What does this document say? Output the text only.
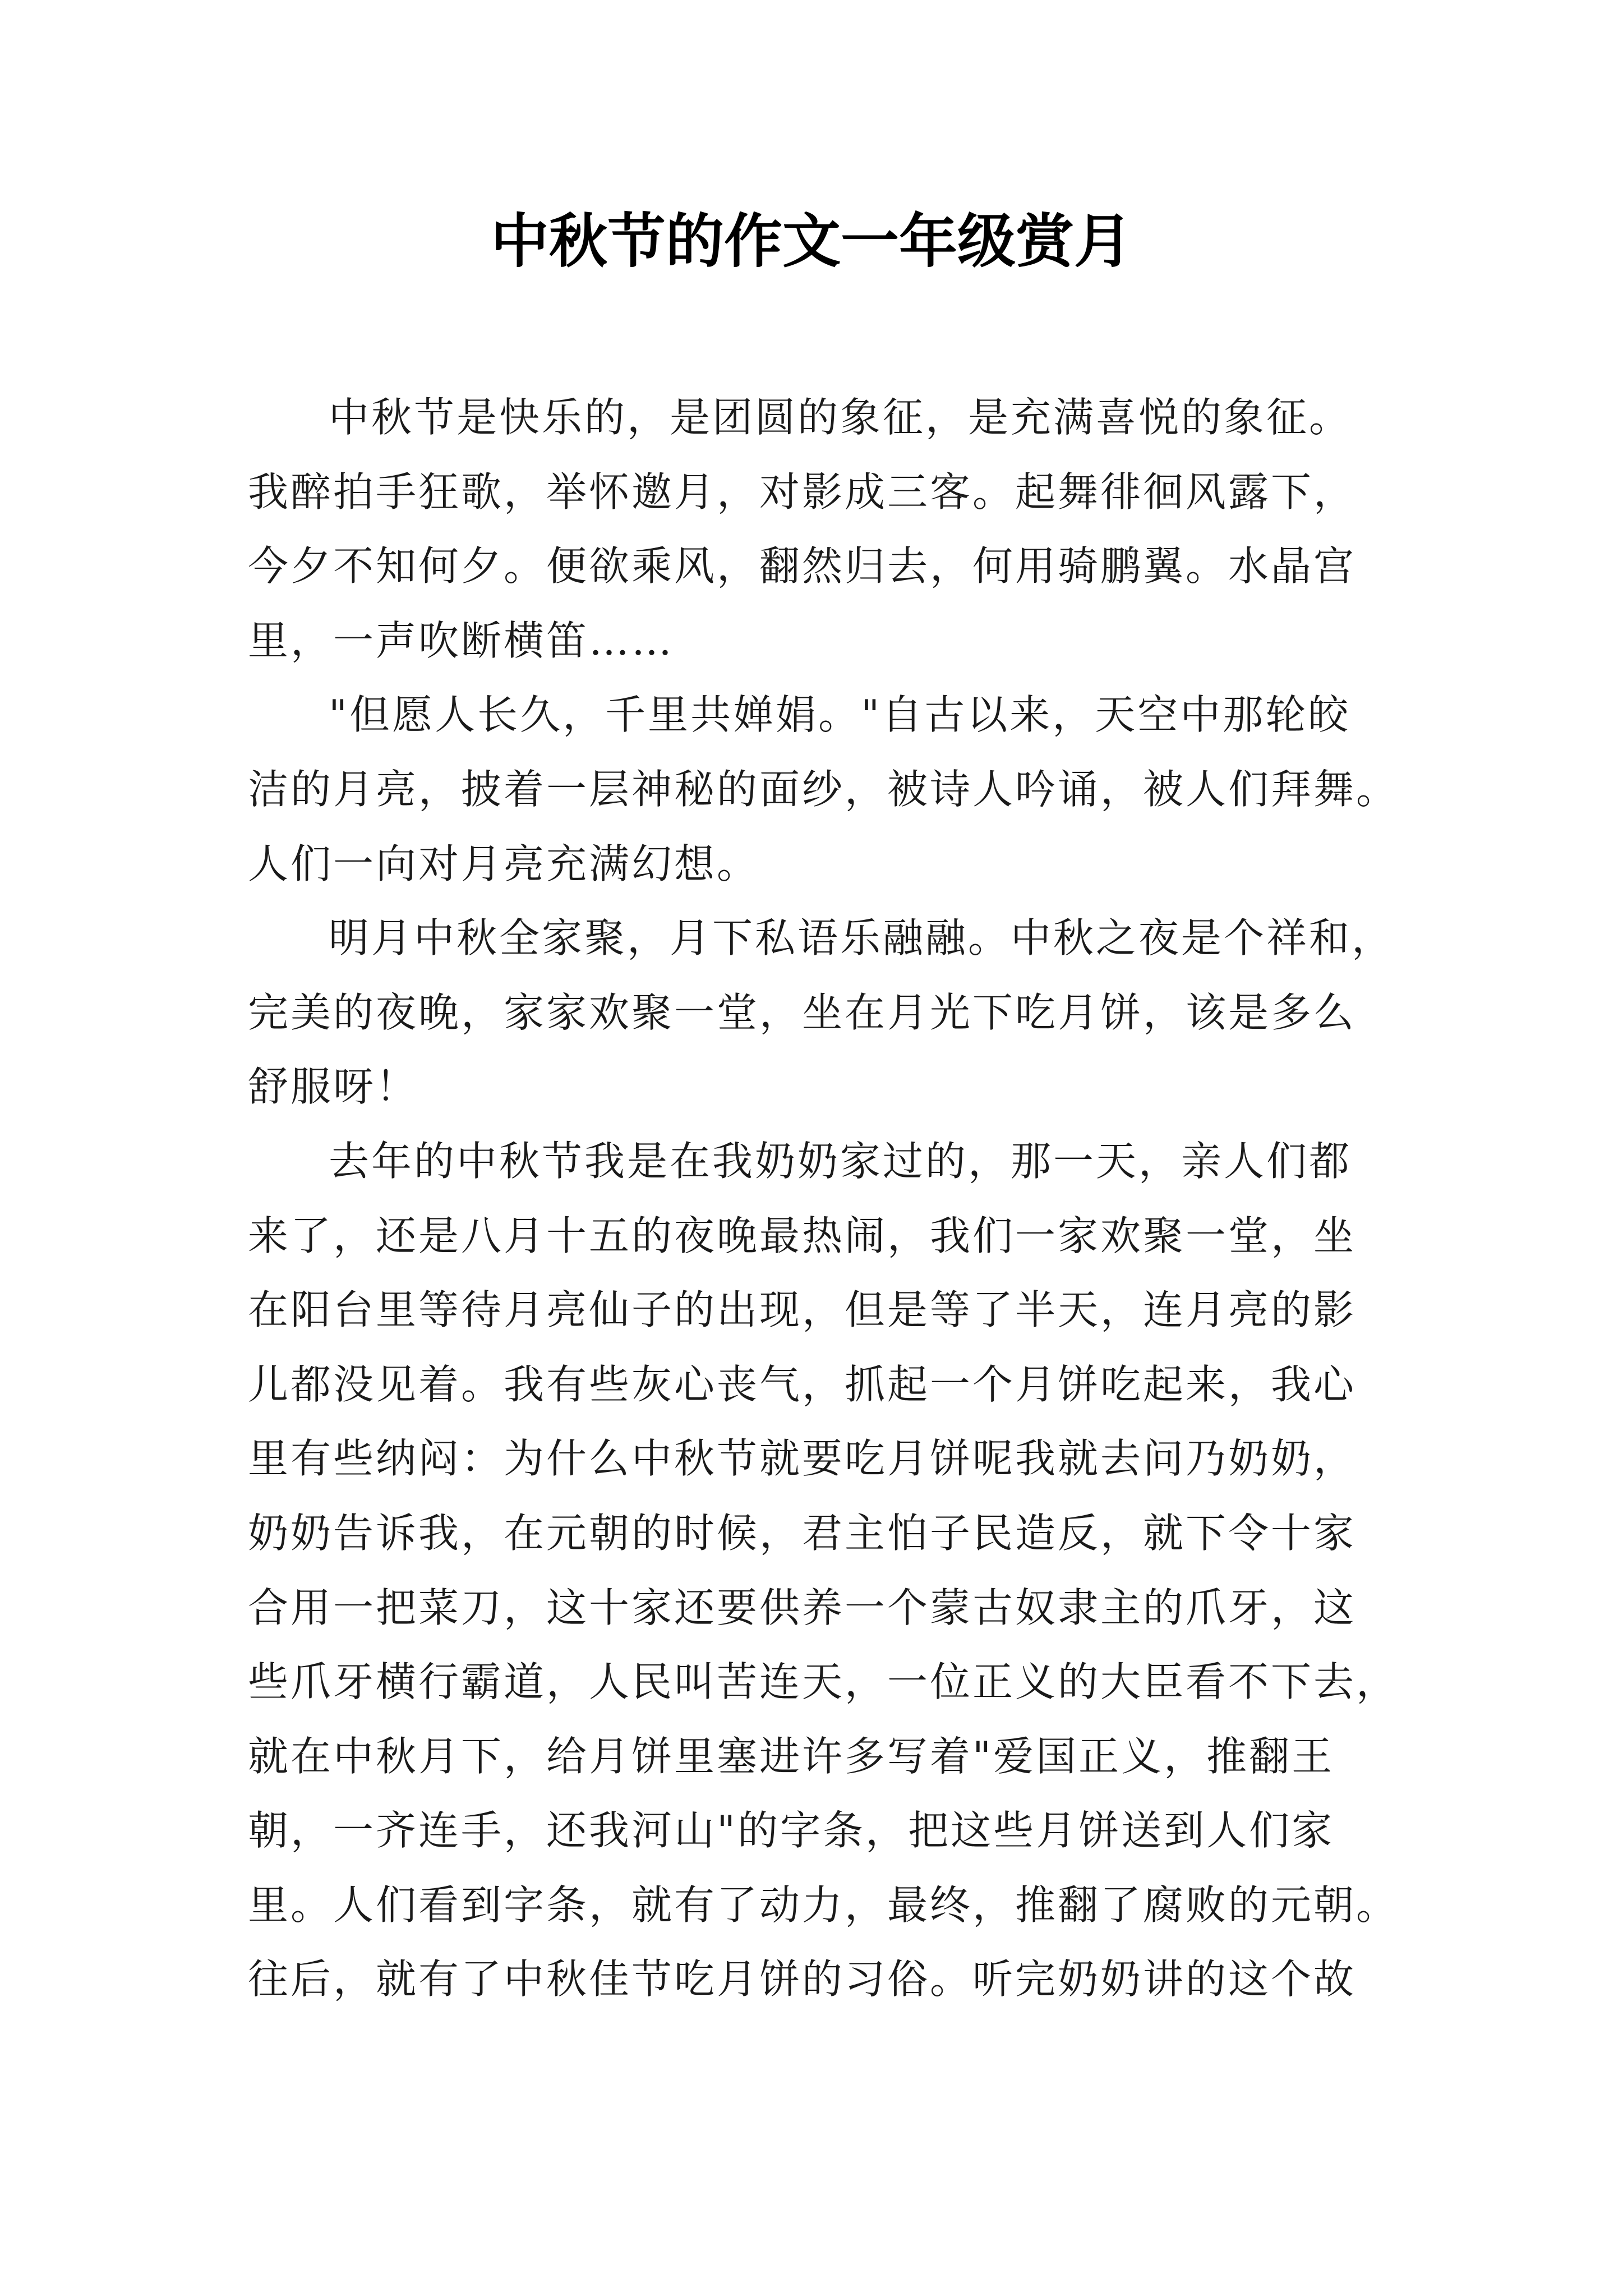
中秋节的作文一年级赏月

中秋节是快乐的，是团圆的象征，是充满喜悦的象征。
我醉拍手狂歌，举怀邀月，对影成三客。起舞徘徊风露下，
今夕不知何夕。便欲乘风，翻然归去，何用骑鹏翼。水晶宫
里，一声吹断横笛……

"但愿人长久，千里共婵娟。"自古以来，天空中那轮皎
洁的月亮，披着一层神秘的面纱，被诗人吟诵，被人们拜舞。
人们一向对月亮充满幻想。

明月中秋全家聚，月下私语乐融融。中秋之夜是个祥和，
完美的夜晚，家家欢聚一堂，坐在月光下吃月饼，该是多么
舒服呀！

去年的中秋节我是在我奶奶家过的，那一天，亲人们都
来了，还是八月十五的夜晚最热闹，我们一家欢聚一堂，坐
在阳台里等待月亮仙子的出现，但是等了半天，连月亮的影
儿都没见着。我有些灰心丧气，抓起一个月饼吃起来，我心
里有些纳闷：为什么中秋节就要吃月饼呢我就去问乃奶奶，
奶奶告诉我，在元朝的时候，君主怕子民造反，就下令十家
合用一把菜刀，这十家还要供养一个蒙古奴隶主的爪牙，这
些爪牙横行霸道，人民叫苦连天，一位正义的大臣看不下去，
就在中秋月下，给月饼里塞进许多写着"爱国正义，推翻王
朝，一齐连手，还我河山"的字条，把这些月饼送到人们家
里。人们看到字条，就有了动力，最终，推翻了腐败的元朝。
往后，就有了中秋佳节吃月饼的习俗。听完奶奶讲的这个故
